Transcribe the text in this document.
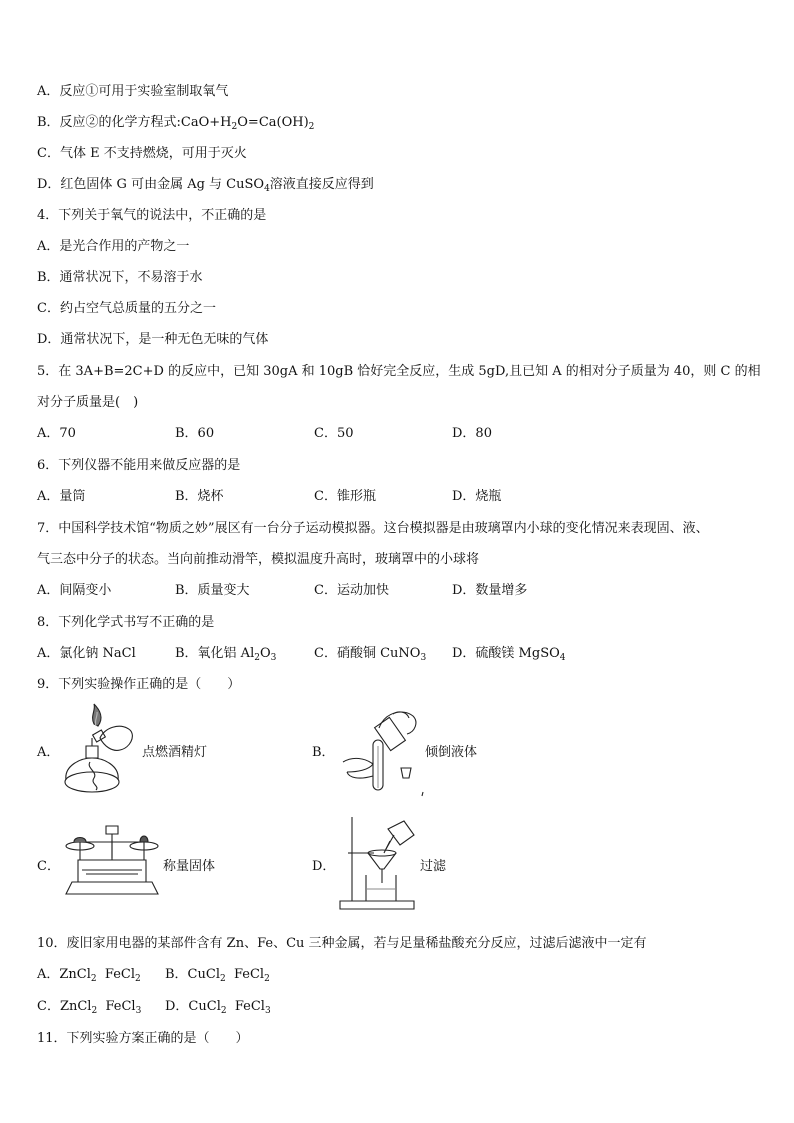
A．反应①可用于实验室制取氧气
B．反应②的化学方程式$:CaO+H_2O=Ca(OH)_2$
C．气体 E 不支持燃烧，可用于灭火
D．红色固体 G 可由金属 Ag 与 CuSO$_4$溶液直接反应得到
4．下列关于氧气的说法中，不正确的是
A．是光合作用的产物之一
B．通常状况下，不易溶于水
C．约占空气总质量的五分之一
D．通常状况下，是一种无色无味的气体
5．在 3A+B=2C+D 的反应中，已知 30gA 和 10gB 恰好完全反应，生成 5gD,且已知 A 的相对分子质量为 40，则 C 的相
对分子质量是(　)
A．70	B．60	C．50	D．80
6．下列仪器不能用来做反应器的是
A．量筒	B．烧杯	C．锥形瓶	D．烧瓶
7．中国科学技术馆“物质之妙”展区有一台分子运动模拟器。这台模拟器是由玻璃罩内小球的变化情况来表现固、液、
气三态中分子的状态。当向前推动滑竿，模拟温度升高时，玻璃罩中的小球将
A．间隔变小	B．质量变大	C．运动加快	D．数量增多
8．下列化学式书写不正确的是
A．氯化钠 NaCl	B．氧化铝 $Al_2O_3$	C．硝酸铜 CuNO$_3$ D．硫酸镁 MgSO$_4$
9．下列实验操作正确的是（　　）
A．	点燃酒精灯	B．	倾倒液体
C．	称量固体	D．	过滤
10．废旧家用电器的某部件含有 Zn、Fe、Cu 三种金属，若与足量稀盐酸充分反应，过滤后滤液中一定有
A．ZnCl$_2$  FeCl$_2$ B．CuCl$_2$  FeCl$_2$
C．ZnCl$_2$  FeCl$_3$ D．CuCl$_2$  FeCl$_3$
11．下列实验方案正确的是（　　）
